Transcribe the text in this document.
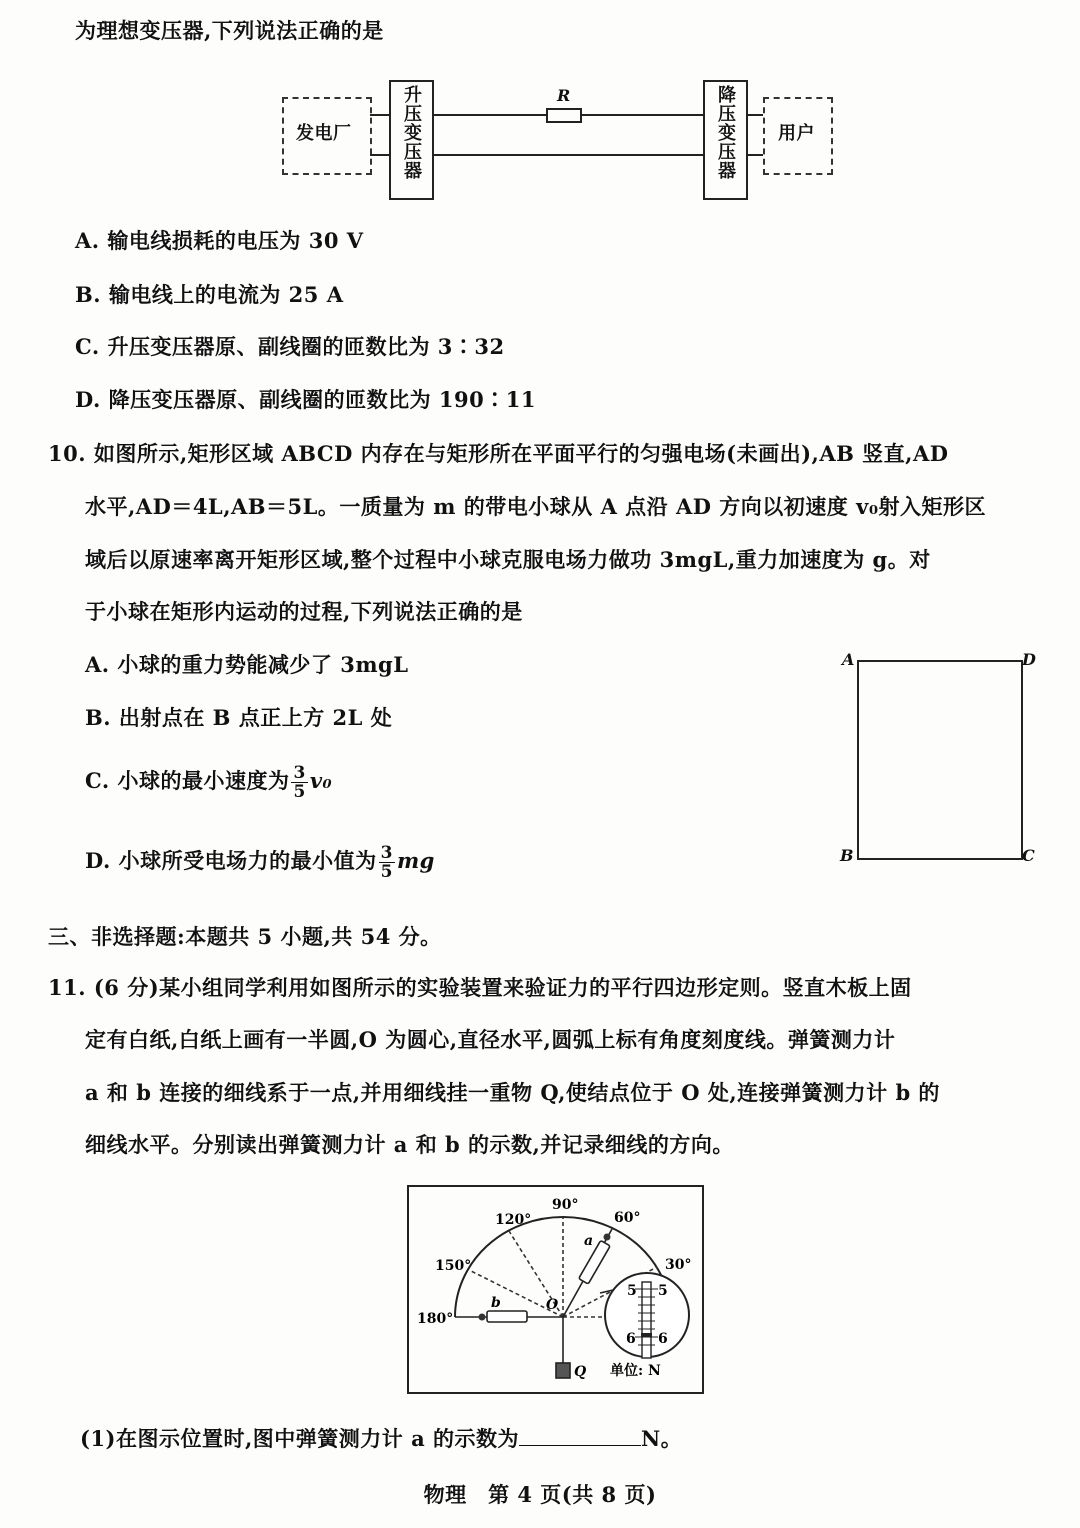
为理想变压器,下列说法正确的是
发电厂	升压变压器	R	降压变压器 用户
A. 输电线损耗的电压为 30 V
B. 输电线上的电流为 25 A
C. 升压变压器原、副线圈的匝数比为 3∶32
D. 降压变压器原、副线圈的匝数比为 190∶11
10. 如图所示,矩形区域 ABCD 内存在与矩形所在平面平行的匀强电场(未画出),AB 竖直,AD
水平,AD＝4L,AB＝5L。一质量为 m 的带电小球从 A 点沿 AD 方向以初速度 v₀射入矩形区
域后以原速率离开矩形区域,整个过程中小球克服电场力做功 3mgL,重力加速度为 g。对
于小球在矩形内运动的过程,下列说法正确的是
A. 小球的重力势能减少了 3mgL
B. 出射点在 B 点正上方 2L 处
C. 小球的最小速度为 $\frac{3}{5} v_0$
D. 小球所受电场力的最小值为 $\frac{3}{5}$ mg
A	D
B	C
三、非选择题:本题共 5 小题,共 54 分。
11. (6 分)某小组同学利用如图所示的实验装置来验证力的平行四边形定则。竖直木板上固
定有白纸,白纸上画有一半圆,O 为圆心,直径水平,圆弧上标有角度刻度线。弹簧测力计
a 和 b 连接的细线系于一点,并用细线挂一重物 Q,使结点位于 O 处,连接弹簧测力计 b 的
细线水平。分别读出弹簧测力计 a 和 b 的示数,并记录细线的方向。
5 5
6 6
90°
120°	60°
150°	30°
180°
a
b	O
Q 单位: N
(1)在图示位置时,图中弹簧测力计 a 的示数为	N。
物理　第 4 页(共 8 页)
